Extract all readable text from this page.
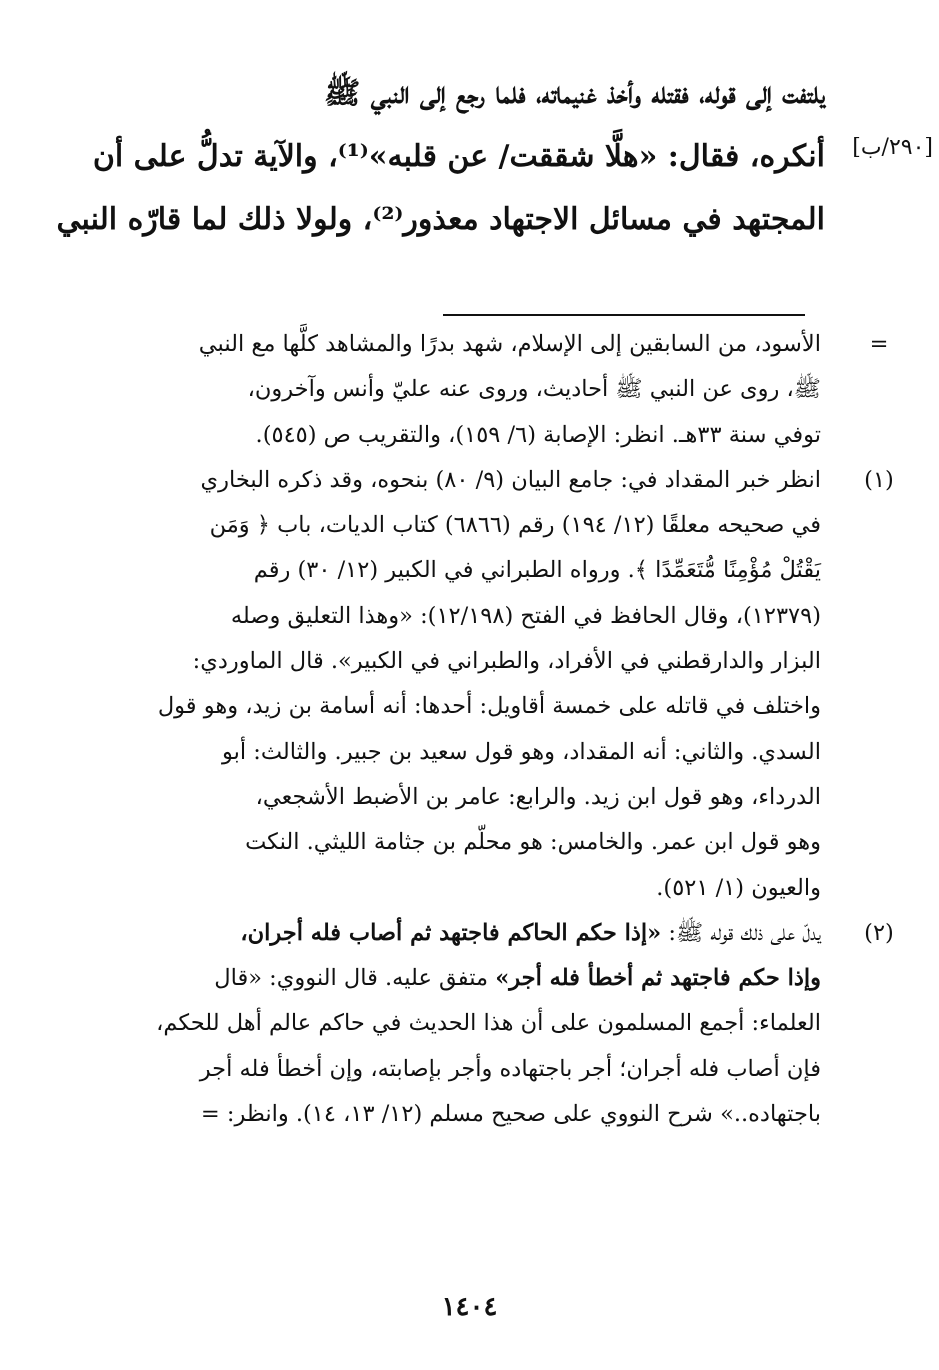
يلتفت إلى قوله، فقتله وأخذ غنيماته، فلما رجع إلى النبي ﷺ
أنكره، فقال: «هلَّا شققت/ عن قلبه»⁽¹⁾، والآية تدلُّ على أن
المجتهد في مسائل الاجتهاد معذور⁽²⁾، ولولا ذلك لما قارّه النبي
[٢٩٠/ب]
=
الأسود، من السابقين إلى الإسلام، شهد بدرًا والمشاهد كلَّها مع النبي
ﷺ، روى عن النبي ﷺ أحاديث، وروى عنه عليّ وأنس وآخرون،
توفي سنة ٣٣هـ. انظر: الإصابة (٦/ ١٥٩)، والتقريب ص (٥٤٥).
(١)
انظر خبر المقداد في: جامع البيان (٩/ ٨٠) بنحوه، وقد ذكره البخاري
في صحيحه معلقًا (١٢/ ١٩٤) رقم (٦٨٦٦) كتاب الديات، باب ﴿ وَمَن
يَقْتُلْ مُؤْمِنًا مُّتَعَمِّدًا ﴾. ورواه الطبراني في الكبير (١٢/ ٣٠) رقم
(١٢٣٧٩)، وقال الحافظ في الفتح (١٢/١٩٨): «وهذا التعليق وصله
البزار والدارقطني في الأفراد، والطبراني في الكبير». قال الماوردي:
واختلف في قاتله على خمسة أقاويل: أحدها: أنه أسامة بن زيد، وهو قول
السدي. والثاني: أنه المقداد، وهو قول سعيد بن جبير. والثالث: أبو
الدرداء، وهو قول ابن زيد. والرابع: عامر بن الأضبط الأشجعي،
وهو قول ابن عمر. والخامس: هو محلّم بن جثامة الليثي. النكت
والعيون (١/ ٥٢١).
(٢)
يدلّ على ذلك قوله ﷺ: «إذا حكم الحاكم فاجتهد ثم أصاب فله أجران،
وإذا حكم فاجتهد ثم أخطأ فله أجر» متفق عليه. قال النووي: «قال
العلماء: أجمع المسلمون على أن هذا الحديث في حاكم عالم أهل للحكم،
فإن أصاب فله أجران؛ أجر باجتهاده وأجر بإصابته، وإن أخطأ فله أجر
باجتهاده..» شرح النووي على صحيح مسلم (١٢/ ١٣، ١٤). وانظر: =
١٤٠٤
